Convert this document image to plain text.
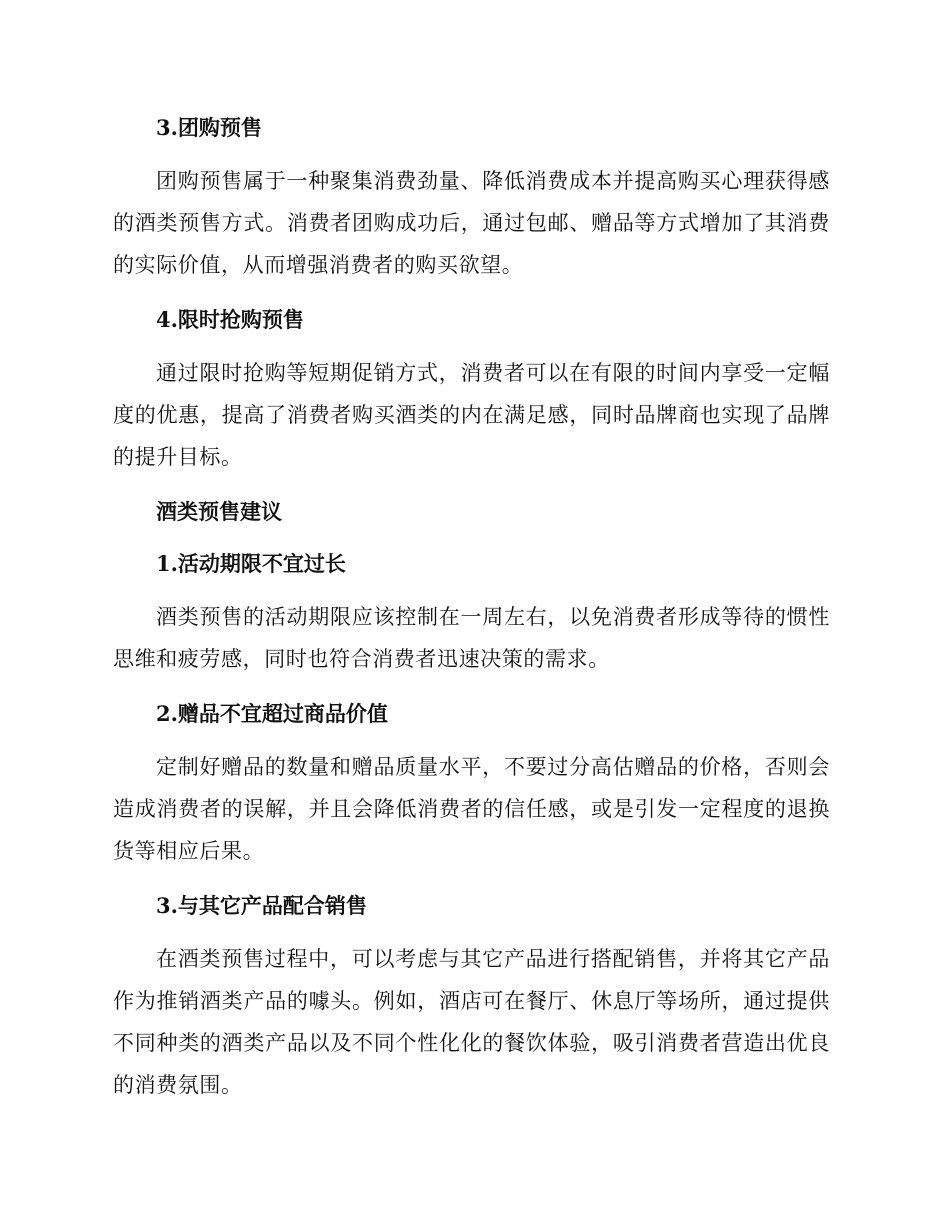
3.团购预售

团购预售属于一种聚集消费劲量、降低消费成本并提高购买心理获得感的酒类预售方式。消费者团购成功后，通过包邮、赠品等方式增加了其消费的实际价值，从而增强消费者的购买欲望。

4.限时抢购预售

通过限时抢购等短期促销方式，消费者可以在有限的时间内享受一定幅度的优惠，提高了消费者购买酒类的内在满足感，同时品牌商也实现了品牌的提升目标。

酒类预售建议
1.活动期限不宜过长

酒类预售的活动期限应该控制在一周左右，以免消费者形成等待的惯性思维和疲劳感，同时也符合消费者迅速决策的需求。

2.赠品不宜超过商品价值

定制好赠品的数量和赠品质量水平，不要过分高估赠品的价格，否则会造成消费者的误解，并且会降低消费者的信任感，或是引发一定程度的退换货等相应后果。

3.与其它产品配合销售

在酒类预售过程中，可以考虑与其它产品进行搭配销售，并将其它产品作为推销酒类产品的噱头。例如，酒店可在餐厅、休息厅等场所，通过提供不同种类的酒类产品以及不同个性化化的餐饮体验，吸引消费者营造出优良的消费氛围。
